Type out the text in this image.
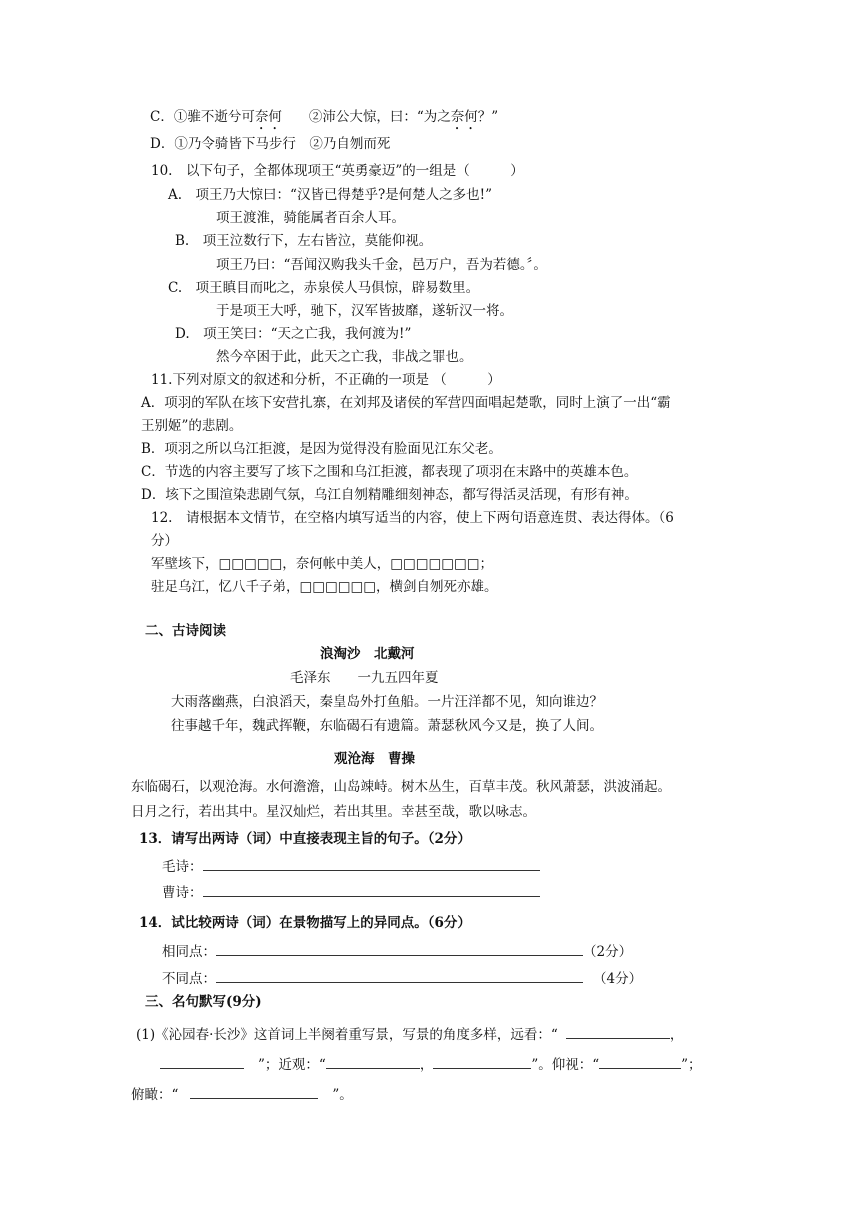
C．①骓不逝兮可奈何　　②沛公大惊，曰：“为之奈何？”
D．①乃令骑皆下马步行　②乃自刎而死
10.　以下句子，全都体现项王“英勇豪迈”的一组是（　　　）
A.　项王乃大惊曰：“汉皆已得楚乎?是何楚人之多也!”
项王渡淮，骑能属者百余人耳。
B.　项王泣数行下，左右皆泣，莫能仰视。
项王乃曰：“吾闻汉购我头千金，邑万户，吾为若德。〞。
C.　项王瞋目而叱之，赤泉侯人马俱惊，辟易数里。
于是项王大呼，驰下，汉军皆披靡，遂斩汉一将。
D.　项王笑曰：“天之亡我，我何渡为!”
然今卒困于此，此天之亡我，非战之罪也。
11.下列对原文的叙述和分析，不正确的一项是 （　　　）
A．项羽的军队在垓下安营扎寨，在刘邦及诸侯的军营四面唱起楚歌，同时上演了一出“霸
王别姬”的悲剧。
B．项羽之所以乌江拒渡，是因为觉得没有脸面见江东父老。
C．节选的内容主要写了垓下之围和乌江拒渡，都表现了项羽在末路中的英雄本色。
D．垓下之围渲染悲剧气氛，乌江自刎精雕细刻神态，都写得活灵活现，有形有神。
12.　请根据本文情节，在空格内填写适当的内容，使上下两句语意连贯、表达得体。（6
分）
军壁垓下，□□□□□，奈何帐中美人，□□□□□□□；
驻足乌江，忆八千子弟，□□□□□□，横剑自刎死亦雄。
二、古诗阅读
浪淘沙　北戴河
毛泽东　　一九五四年夏
大雨落幽燕，白浪滔天，秦皇岛外打鱼船。一片汪洋都不见，知向谁边？
往事越千年，魏武挥鞭，东临碣石有遗篇。萧瑟秋风今又是，换了人间。
观沧海　曹操
东临碣石，以观沧海。水何澹澹，山岛竦峙。树木丛生，百草丰茂。秋风萧瑟，洪波涌起。
日月之行，若出其中。星汉灿烂，若出其里。幸甚至哉，歌以咏志。
13．请写出两诗（词）中直接表现主旨的句子。（2分）
毛诗：
曹诗：
14．试比较两诗（词）在景物描写上的异同点。（6分）
相同点：	（2分）
不同点：	（4分）
三、名句默写(9分)
(1)《沁园春·长沙》这首词上半阕着重写景，写景的角度多样，远看：“	，
”；近观：“	，	”。仰视：“	”；
俯瞰：“	”。
